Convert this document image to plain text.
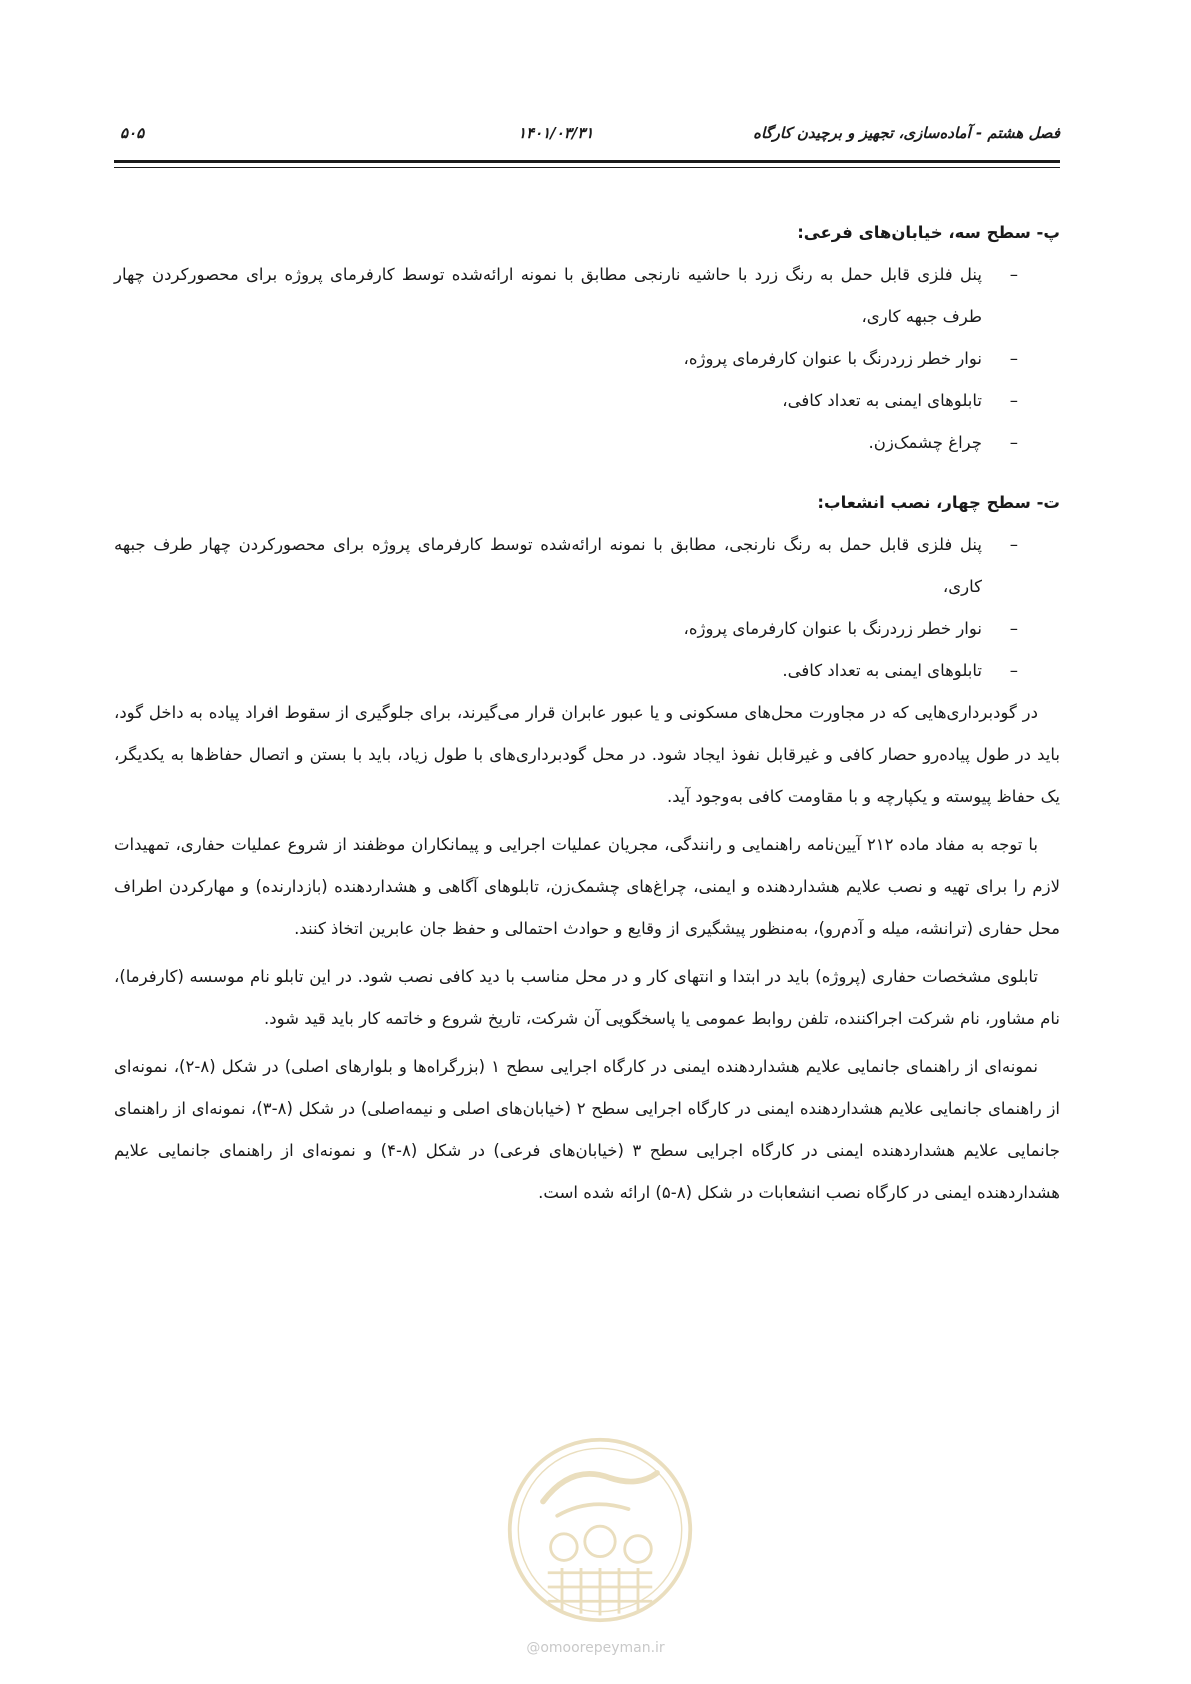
فصل هشتم - آماده‌سازی، تجهیز و برچیدن کارگاه
۱۴۰۱/۰۳/۳۱
۵۰۵

پ- سطح سه، خیابان‌های فرعی:

– پنل فلزی قابل حمل به رنگ زرد با حاشیه نارنجی مطابق با نمونه ارائه‌شده توسط کارفرمای پروژه برای محصورکردن چهار طرف جبهه کاری،
– نوار خطر زردرنگ با عنوان کارفرمای پروژه،
– تابلوهای ایمنی به تعداد کافی،
– چراغ چشمک‌زن.

ت- سطح چهار، نصب انشعاب:

– پنل فلزی قابل حمل به رنگ نارنجی، مطابق با نمونه ارائه‌شده توسط کارفرمای پروژه برای محصورکردن چهار طرف جبهه کاری،
– نوار خطر زردرنگ با عنوان کارفرمای پروژه،
– تابلوهای ایمنی به تعداد کافی.

در گودبرداری‌هایی که در مجاورت محل‌های مسکونی و یا عبور عابران قرار می‌گیرند، برای جلوگیری از سقوط افراد پیاده به داخل گود، باید در طول پیاده‌رو حصار کافی و غیرقابل نفوذ ایجاد شود. در محل گودبرداری‌های با طول زیاد، باید با بستن و اتصال حفاظ‌ها به یکدیگر، یک حفاظ پیوسته و یکپارچه و با مقاومت کافی به‌وجود آید.

با توجه به مفاد ماده ۲۱۲ آیین‌نامه راهنمایی و رانندگی، مجریان عملیات اجرایی و پیمانکاران موظفند از شروع عملیات حفاری، تمهیدات لازم را برای تهیه و نصب علایم هشداردهنده و ایمنی، چراغ‌های چشمک‌زن، تابلوهای آگاهی و هشداردهنده (بازدارنده) و مهارکردن اطراف محل حفاری (ترانشه، میله و آدم‌رو)، به‌منظور پیشگیری از وقایع و حوادث احتمالی و حفظ جان عابرین اتخاذ کنند.

تابلوی مشخصات حفاری (پروژه) باید در ابتدا و انتهای کار و در محل مناسب با دید کافی نصب شود. در این تابلو نام موسسه (کارفرما)، نام مشاور، نام شرکت اجراکننده، تلفن روابط عمومی یا پاسخگویی آن شرکت، تاریخ شروع و خاتمه کار باید قید شود.

نمونه‌ای از راهنمای جانمایی علایم هشداردهنده ایمنی در کارگاه اجرایی سطح ۱ (بزرگراه‌ها و بلوارهای اصلی) در شکل (۸-۲)، نمونه‌ای از راهنمای جانمایی علایم هشداردهنده ایمنی در کارگاه اجرایی سطح ۲ (خیابان‌های اصلی و نیمه‌اصلی) در شکل (۸-۳)، نمونه‌ای از راهنمای جانمایی علایم هشداردهنده ایمنی در کارگاه اجرایی سطح ۳ (خیابان‌های فرعی) در شکل (۸-۴) و نمونه‌ای از راهنمای جانمایی علایم هشداردهنده ایمنی در کارگاه نصب انشعابات در شکل (۸-۵) ارائه شده است.

@omoorepeyman.ir
